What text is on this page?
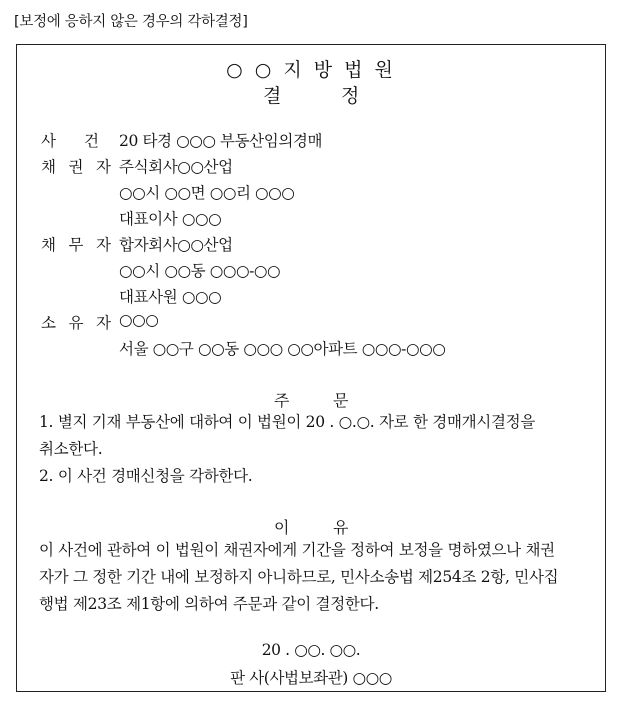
[보정에 응하지 않은 경우의 각하결정]
○ ○ 지 방 법 원
결	정
사 건 20 타경 ○○○ 부동산임의경매
채 권 자 주식회사○○산업
○○시 ○○면 ○○리 ○○○
대표이사 ○○○
채 무 자 합자회사○○산업
○○시 ○○동 ○○○-○○
대표사원 ○○○
소 유 자 ○○○
서울 ○○구 ○○동 ○○○ ○○아파트 ○○○-○○○
주	문
1. 별지 기재 부동산에 대하여 이 법원이 20 . ○.○. 자로 한 경매개시결정을
취소한다.
2. 이 사건 경매신청을 각하한다.
이	유
이 사건에 관하여 이 법원이 채권자에게 기간을 정하여 보정을 명하였으나 채권
자가 그 정한 기간 내에 보정하지 아니하므로, 민사소송법 제254조 2항, 민사집
행법 제23조 제1항에 의하여 주문과 같이 결정한다.
20 . ○○. ○○.
판 사(사법보좌관) ○○○
